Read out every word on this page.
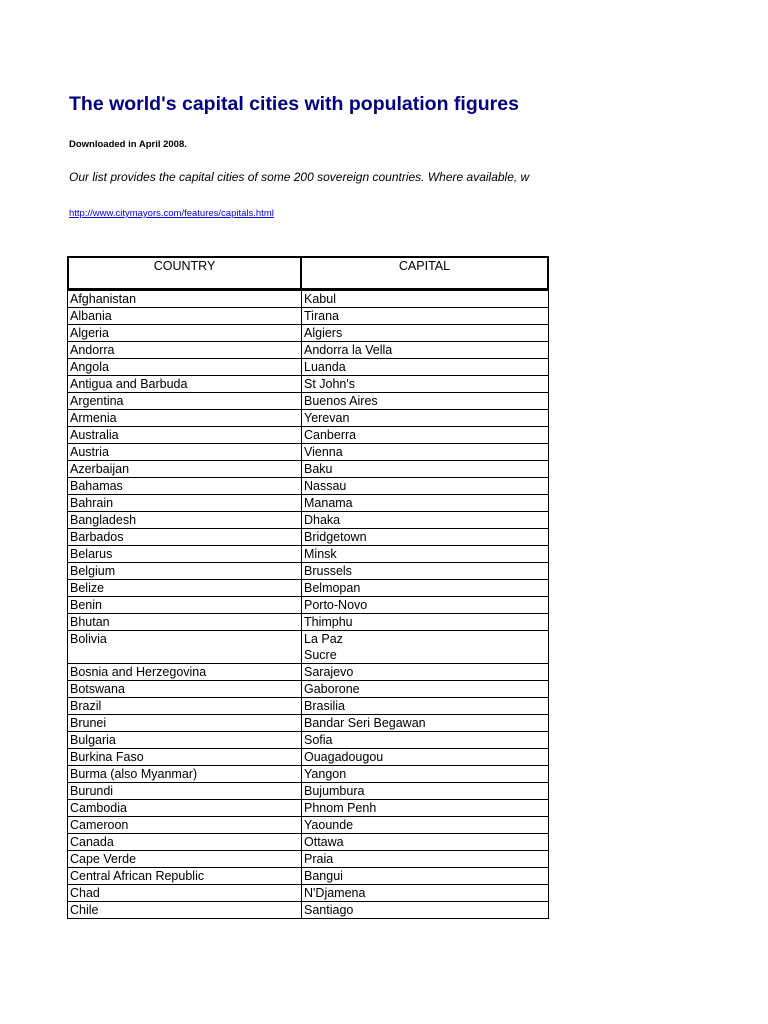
The world's capital cities with population figures
Downloaded in April 2008.
Our list provides the capital cities of some 200 sovereign countries. Where available, w
http://www.citymayors.com/features/capitals.html
COUNTRY	CAPITAL
Afghanistan	Kabul
Albania	Tirana
Algeria	Algiers
Andorra	Andorra la Vella
Angola	Luanda
Antigua and Barbuda	St John's
Argentina	Buenos Aires
Armenia	Yerevan
Australia	Canberra
Austria	Vienna
Azerbaijan	Baku
Bahamas	Nassau
Bahrain	Manama
Bangladesh	Dhaka
Barbados	Bridgetown
Belarus	Minsk
Belgium	Brussels
Belize	Belmopan
Benin	Porto-Novo
Bhutan	Thimphu
Bolivia	La Paz
Sucre
Bosnia and Herzegovina	Sarajevo
Botswana	Gaborone
Brazil	Brasilia
Brunei	Bandar Seri Begawan
Bulgaria	Sofia
Burkina Faso	Ouagadougou
Burma (also Myanmar)	Yangon
Burundi	Bujumbura
Cambodia	Phnom Penh
Cameroon	Yaounde
Canada	Ottawa
Cape Verde	Praia
Central African Republic	Bangui
Chad	N'Djamena
Chile	Santiago
